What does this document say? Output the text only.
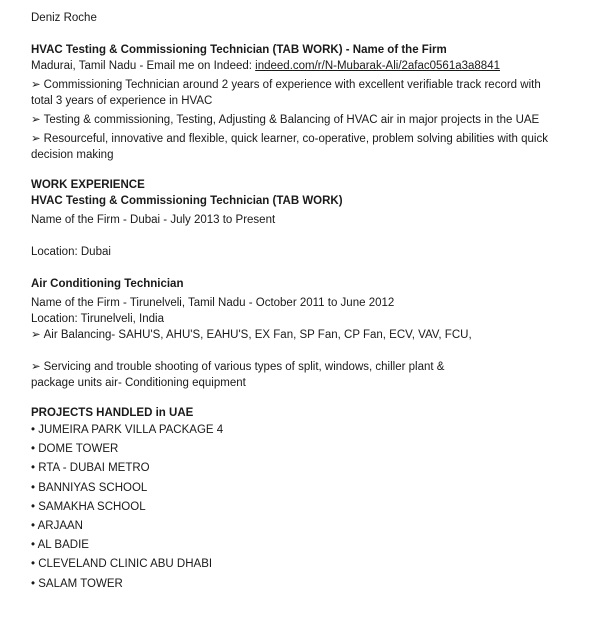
Deniz Roche

HVAC Testing & Commissioning Technician (TAB WORK) - Name of the Firm

Madurai, Tamil Nadu - Email me on Indeed: indeed.com/r/N-Mubarak-Ali/2afac0561a3a8841

➢ Commissioning Technician around 2 years of experience with excellent verifiable track record with total 3 years of experience in HVAC

➢ Testing & commissioning, Testing, Adjusting & Balancing of HVAC air in major projects in the UAE

➢ Resourceful, innovative and flexible, quick learner, co-operative, problem solving abilities with quick decision making

WORK EXPERIENCE

HVAC Testing & Commissioning Technician (TAB WORK)

Name of the Firm - Dubai - July 2013 to Present

Location: Dubai

Air Conditioning Technician

Name of the Firm - Tirunelveli, Tamil Nadu - October 2011 to June 2012

Location: Tirunelveli, India

➢ Air Balancing- SAHU'S, AHU'S, EAHU'S, EX Fan, SP Fan, CP Fan, ECV, VAV, FCU,

➢ Servicing and trouble shooting of various types of split, windows, chiller plant & package units air- Conditioning equipment

PROJECTS HANDLED in UAE

• JUMEIRA PARK VILLA PACKAGE 4
• DOME TOWER
• RTA - DUBAI METRO
• BANNIYAS SCHOOL
• SAMAKHA SCHOOL
• ARJAAN
• AL BADIE
• CLEVELAND CLINIC ABU DHABI
• SALAM TOWER
